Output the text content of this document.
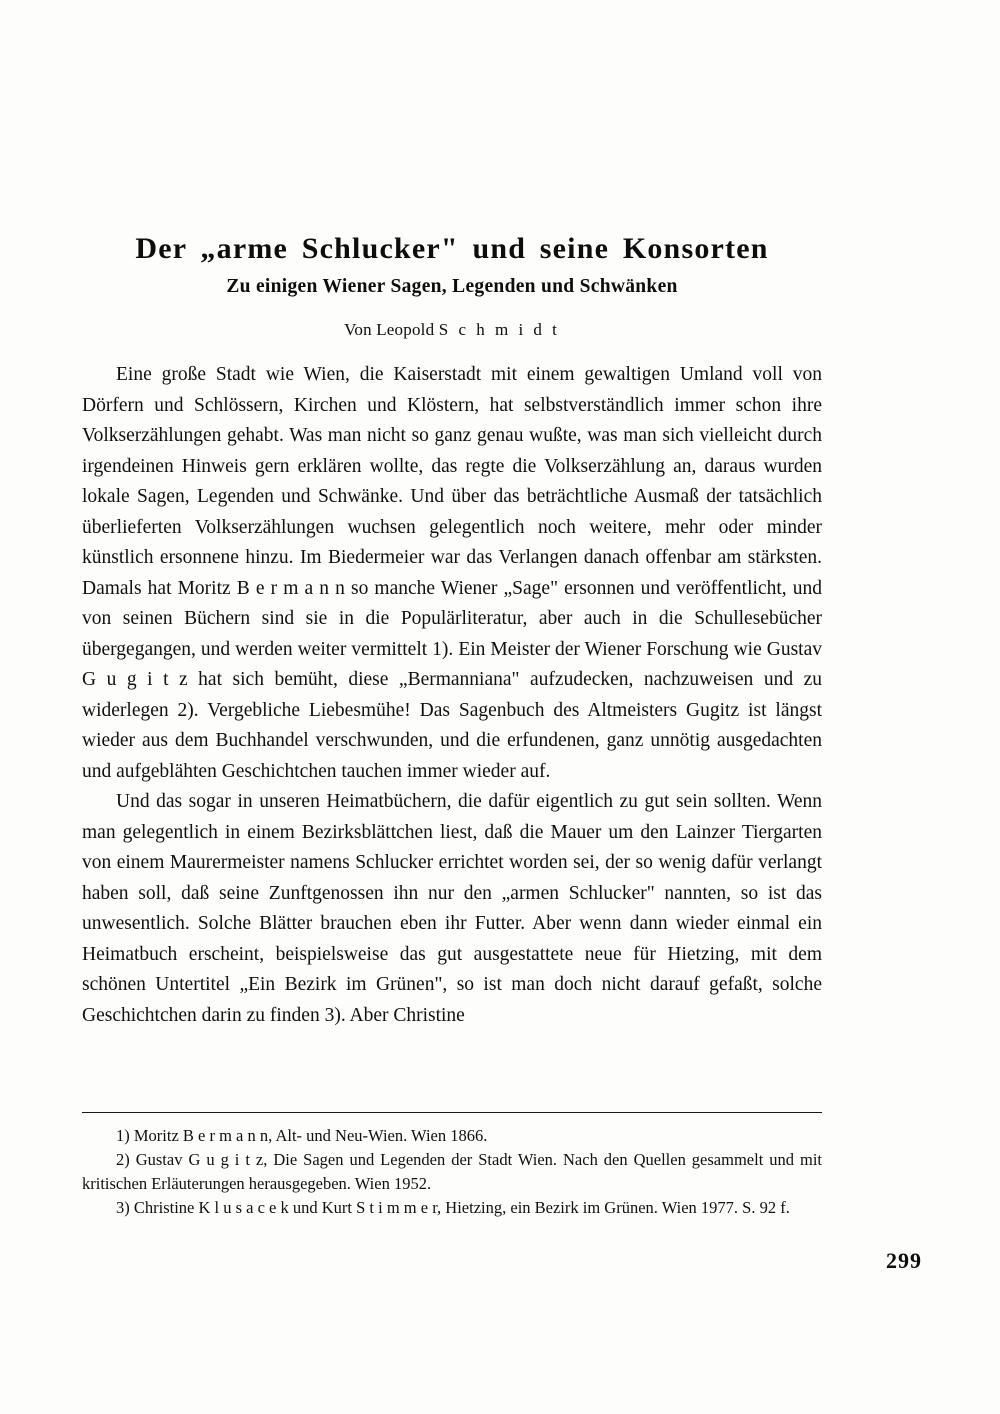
Der „arme Schlucker" und seine Konsorten
Zu einigen Wiener Sagen, Legenden und Schwänken
Von Leopold S c h m i d t

Eine große Stadt wie Wien, die Kaiserstadt mit einem gewaltigen Umland voll von Dörfern und Schlössern, Kirchen und Klöstern, hat selbstverständlich immer schon ihre Volkserzählungen gehabt. Was man nicht so ganz genau wußte, was man sich vielleicht durch irgendeinen Hinweis gern erklären wollte, das regte die Volkserzählung an, daraus wurden lokale Sagen, Legenden und Schwänke. Und über das beträchtliche Ausmaß der tatsächlich überlieferten Volkserzählungen wuchsen gelegentlich noch weitere, mehr oder minder künstlich ersonnene hinzu. Im Biedermeier war das Verlangen danach offenbar am stärksten. Damals hat Moritz B e r m a n n so manche Wiener „Sage" ersonnen und veröffentlicht, und von seinen Büchern sind sie in die Populärliteratur, aber auch in die Schullesebücher übergegangen, und werden weiter vermittelt 1). Ein Meister der Wiener Forschung wie Gustav G u g i t z hat sich bemüht, diese „Bermanniana" aufzudecken, nachzuweisen und zu widerlegen 2). Vergebliche Liebesmühe! Das Sagenbuch des Altmeisters Gugitz ist längst wieder aus dem Buchhandel verschwunden, und die erfundenen, ganz unnötig ausgedachten und aufgeblähten Geschichtchen tauchen immer wieder auf.

Und das sogar in unseren Heimatbüchern, die dafür eigentlich zu gut sein sollten. Wenn man gelegentlich in einem Bezirksblättchen liest, daß die Mauer um den Lainzer Tiergarten von einem Maurermeister namens Schlucker errichtet worden sei, der so wenig dafür verlangt haben soll, daß seine Zunftgenossen ihn nur den „armen Schlucker" nannten, so ist das unwesentlich. Solche Blätter brauchen eben ihr Futter. Aber wenn dann wieder einmal ein Heimatbuch erscheint, beispielsweise das gut ausgestattete neue für Hietzing, mit dem schönen Untertitel „Ein Bezirk im Grünen", so ist man doch nicht darauf gefaßt, solche Geschichtchen darin zu finden 3). Aber Christine

1) Moritz B e r m a n n, Alt- und Neu-Wien. Wien 1866.

2) Gustav G u g i t z, Die Sagen und Legenden der Stadt Wien. Nach den Quellen gesammelt und mit kritischen Erläuterungen herausgegeben. Wien 1952.

3) Christine K l u s a c e k und Kurt S t i m m e r, Hietzing, ein Bezirk im Grünen. Wien 1977. S. 92 f.

299
